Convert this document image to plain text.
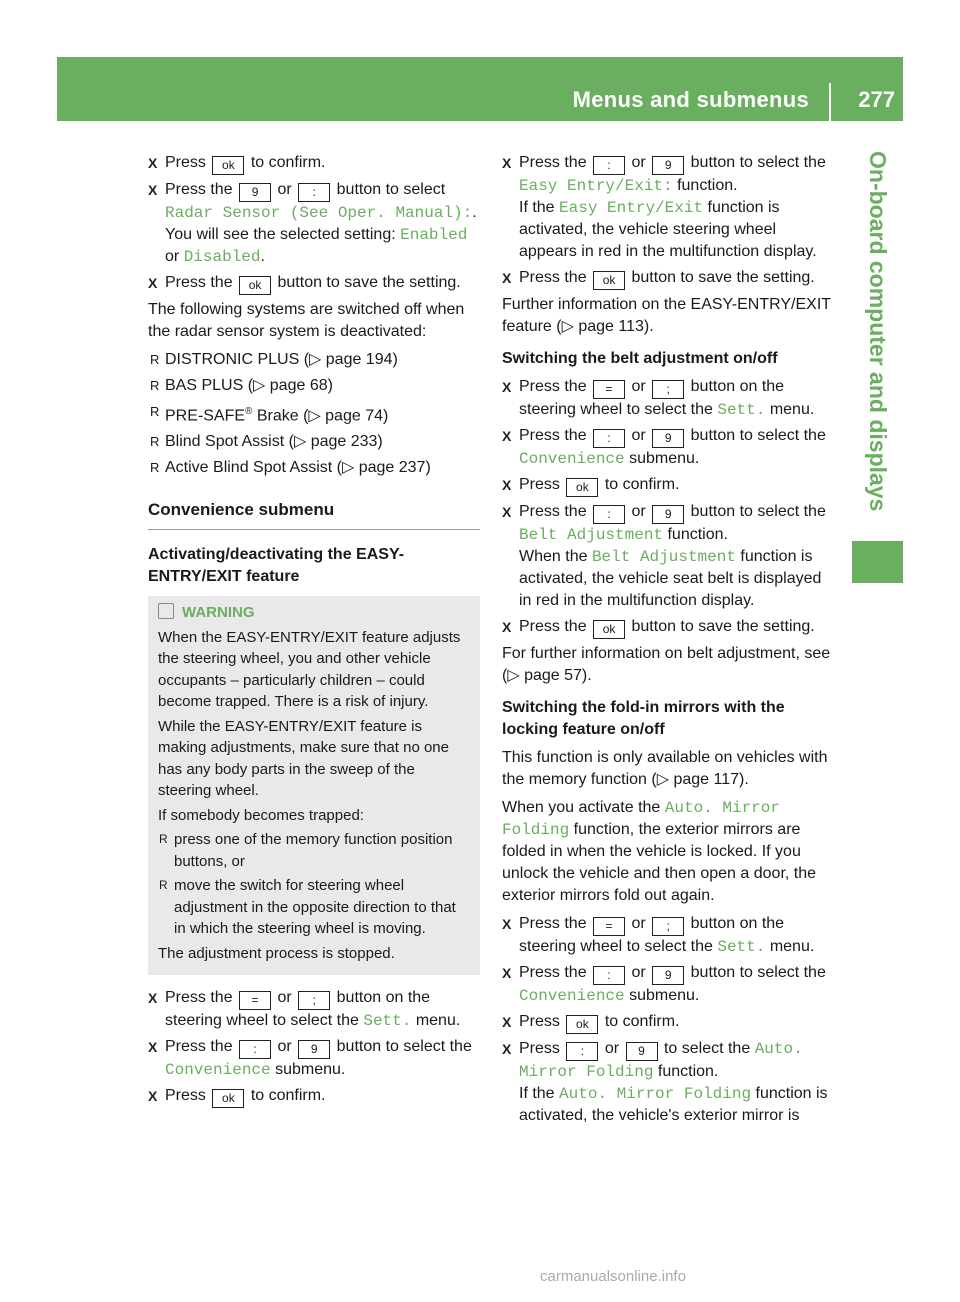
Menus and submenus 277
On-board computer and displays
X Press ok to confirm.
X Press the 9 or : button to select Radar Sensor (See Oper. Manual):.
You will see the selected setting: Enabled or Disabled.
X Press the ok button to save the setting.

The following systems are switched off when the radar sensor system is deactivated:

R DISTRONIC PLUS (▷ page 194)
R BAS PLUS (▷ page 68)
R PRE-SAFE® Brake (▷ page 74)
R Blind Spot Assist (▷ page 233)
R Active Blind Spot Assist (▷ page 237)
Convenience submenu
Activating/deactivating the EASY-ENTRY/EXIT feature
WARNING

When the EASY-ENTRY/EXIT feature adjusts the steering wheel, you and other vehicle occupants – particularly children – could become trapped. There is a risk of injury.

While the EASY-ENTRY/EXIT feature is making adjustments, make sure that no one has any body parts in the sweep of the steering wheel.

If somebody becomes trapped:

R press one of the memory function position buttons, or
R move the switch for steering wheel adjustment in the opposite direction to that in which the steering wheel is moving.

The adjustment process is stopped.

X Press the = or ; button on the steering wheel to select the Sett. menu.
X Press the : or 9 button to select the Convenience submenu.
X Press ok to confirm.
X Press the : or 9 button to select the Easy Entry/Exit: function.
If the Easy Entry/Exit function is activated, the vehicle steering wheel appears in red in the multifunction display.
X Press the ok button to save the setting.

Further information on the EASY-ENTRY/EXIT feature (▷ page 113).

Switching the belt adjustment on/off
X Press the = or ; button on the steering wheel to select the Sett. menu.
X Press the : or 9 button to select the Convenience submenu.
X Press ok to confirm.
X Press the : or 9 button to select the Belt Adjustment function.
When the Belt Adjustment function is activated, the vehicle seat belt is displayed in red in the multifunction display.
X Press the ok button to save the setting.

For further information on belt adjustment, see (▷ page 57).

Switching the fold-in mirrors with the locking feature on/off

This function is only available on vehicles with the memory function (▷ page 117).

When you activate the Auto. Mirror Folding function, the exterior mirrors are folded in when the vehicle is locked. If you unlock the vehicle and then open a door, the exterior mirrors fold out again.

X Press the = or ; button on the steering wheel to select the Sett. menu.
X Press the : or 9 button to select the Convenience submenu.
X Press ok to confirm.
X Press : or 9 to select the Auto. Mirror Folding function.
If the Auto. Mirror Folding function is activated, the vehicle's exterior mirror is
carmanualsonline.info
